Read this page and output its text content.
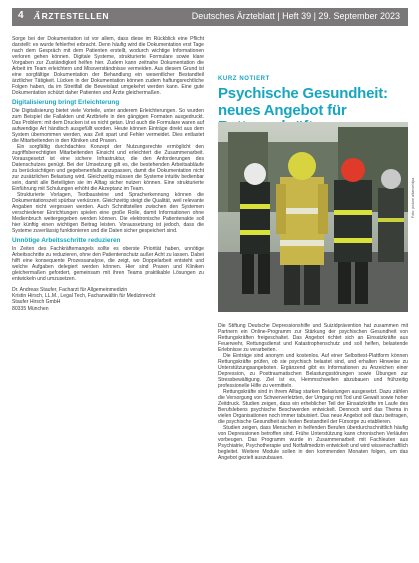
4 ÄRZTESTELLEN	Deutsches Ärzteblatt | Heft 39 | 29. September 2023

Sorge bei der Dokumentation ist vor allem, dass diese im Rückblick eine Pflicht darstellt: es wurde fehlerfrei erbracht. Denn häufig wird die Dokumentation erst Tage nach dem Gespräch mit dem Patienten erstellt, wodurch wichtige Informationen verloren gehen können. Digitale Systeme, strukturierte Formulare sowie klare Vorgaben zur Zuständigkeit helfen hier. Zudem kann zeitnahe Dokumentation die Arbeit im Team erleichtern und Missverständnisse vermeiden. Aus diesem Grund ist eine sorgfältige Dokumentation der Behandlung ein wesentlicher Bestandteil ärztlicher Tätigkeit. Lücken in der Dokumentation können zudem haftungsrechtliche Folgen haben, da im Streitfall die Beweislast umgekehrt werden kann. Eine gute Dokumentation schützt daher Patienten und Ärzte gleichermaßen.

Digitalisierung bringt Erleichterung

Die Digitalisierung bietet viele Vorteile, unter anderem Erleichterungen. So wurden zum Beispiel die Fallakten und Arztbriefe in den gängigen Formaten ausgedruckt. Das Problem: mit dem Drucken ist es nicht getan. Und auch die Formulare waren auf aufwendige Art händisch ausgefüllt worden. Heute können Einträge direkt aus dem System übernommen werden, was Zeit spart und Fehler vermeidet. Dies entlastet die Mitarbeitenden in den Kliniken und Praxen.

Ein sorgfältig durchdachtes Konzept der Nutzungsrechte ermöglicht den zugriffsberechtigten Mitarbeitenden Einsicht und erleichtert die Zusammenarbeit. Vorausgesetzt ist eine sichere Infrastruktur, die den Anforderungen des Datenschutzes genügt. Bei der Umsetzung gilt es, die bestehenden Arbeitsabläufe zu berücksichtigen und gegebenenfalls anzupassen, damit die Dokumentation nicht zur zusätzlichen Belastung wird. Gleichzeitig müssen die Systeme intuitiv bedienbar sein, damit alle Beteiligten sie im Alltag sicher nutzen können. Eine strukturierte Einführung mit Schulungen erhöht die Akzeptanz im Team.

Strukturierte Vorlagen, Textbausteine und Spracherkennung können die Dokumentationszeit spürbar verkürzen. Gleichzeitig steigt die Qualität, weil relevante Angaben nicht vergessen werden. Auch Schnittstellen zwischen den Systemen verschiedener Einrichtungen spielen eine große Rolle, damit Informationen ohne Medienbruch weitergegeben werden können. Die elektronische Patientenakte soll hier künftig einen wichtigen Beitrag leisten. Voraussetzung ist jedoch, dass die Systeme zuverlässig funktionieren und die Daten sicher gespeichert sind.

Unnötige Arbeitsschritte reduzieren

In Zeiten des Fachkräftemangels sollte es oberste Priorität haben, unnötige Arbeitsschritte zu reduzieren, ohne den Patientenschutz außer Acht zu lassen. Dabei hilft eine konsequente Prozessanalyse, die zeigt, wo Doppelarbeit entsteht und welche Aufgaben delegiert werden können. Hier sind Praxen und Kliniken gleichermaßen gefordert, gemeinsam mit ihren Teams praktikable Lösungen zu entwickeln und umzusetzen.

Dr. Andreas Staufer, Facharzt für Allgemeinmedizin
Kristin Hirsch, LL.M., Legal Tech, Fachanwältin für Medizinrecht
Staufer Hirsch GmbH
80335 München
KURZ NOTIERT
Psychische Gesundheit: neues Angebot für
Foto: picture alliance/dpa

Die Stiftung Deutsche Depressionshilfe und Suizidprävention hat zusammen mit Partnern ein Online-Programm zur Stärkung der psychischen Gesundheit von Rettungskräften freigeschaltet. Das Angebot richtet sich an Einsatzkräfte aus Feuerwehr, Rettungsdienst und Katastrophenschutz und soll helfen, belastende Erlebnisse zu verarbeiten.

Die Einträge sind anonym und kostenlos. Auf einer Selbsttest-Plattform können Rettungskräfte prüfen, ob sie psychisch belastet sind, und erhalten Hinweise zu Unterstützungsangeboten. Ergänzend gibt es Informationen zu Anzeichen einer Depression, zu Posttraumatischen Belastungsstörungen sowie Übungen zur Stressbewältigung. Ziel ist es, Hemmschwellen abzubauen und frühzeitig professionelle Hilfe zu vermitteln.

Rettungskräfte sind in ihrem Alltag starken Belastungen ausgesetzt. Dazu zählen die Versorgung von Schwerverletzten, der Umgang mit Tod und Gewalt sowie hoher Zeitdruck. Studien zeigen, dass ein erheblicher Teil der Einsatzkräfte im Laufe des Berufslebens psychische Beschwerden entwickelt. Dennoch wird das Thema in vielen Organisationen noch immer tabuisiert. Das neue Angebot soll dazu beitragen, die psychische Gesundheit als festen Bestandteil der Fürsorge zu etablieren.

Studien zeigen, dass Menschen in helfenden Berufen überdurchschnittlich häufig von Depressionen betroffen sind. Frühe Unterstützung kann chronischen Verläufen vorbeugen. Das Programm wurde in Zusammenarbeit mit Fachleuten aus Psychiatrie, Psychotherapie und Notfallmedizin entwickelt und wird wissenschaftlich begleitet. Weitere Module sollen in den kommenden Monaten folgen, um das Angebot gezielt auszubauen.
